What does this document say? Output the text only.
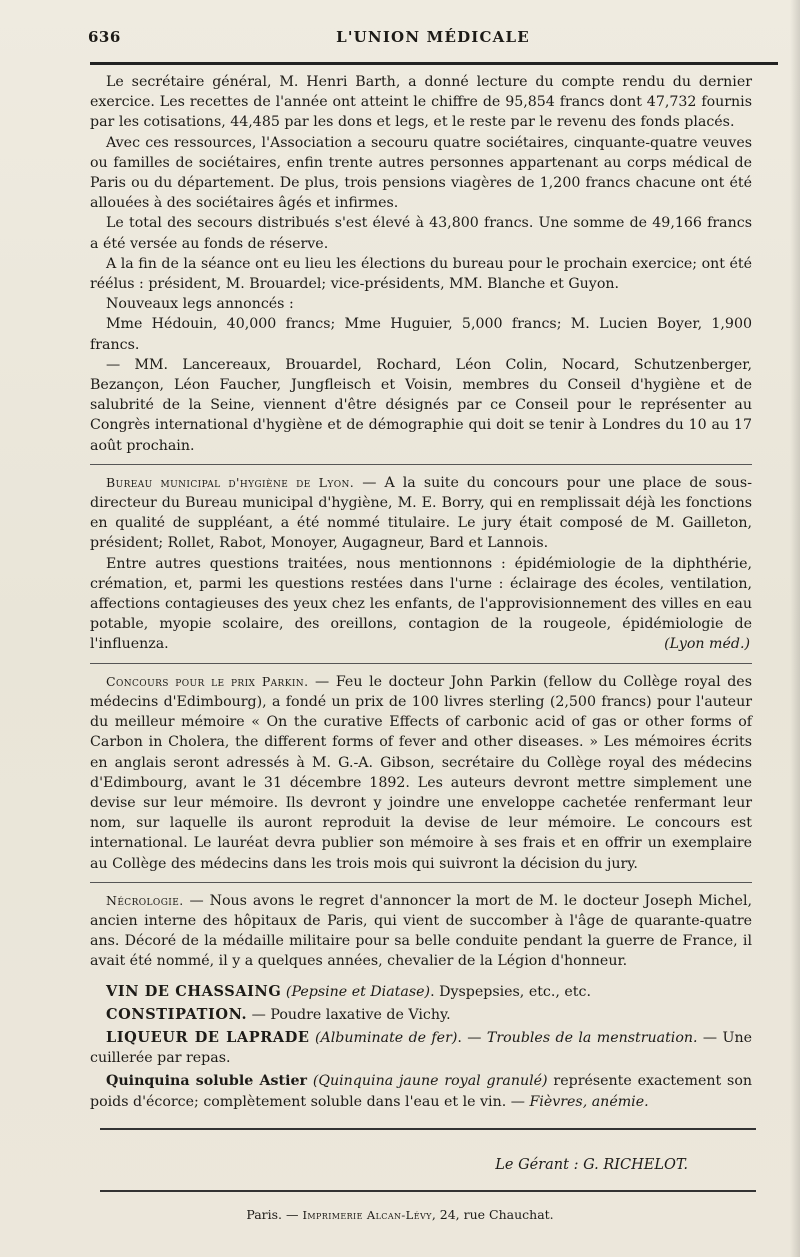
636	L'UNION MÉDICALE

Le secrétaire général, M. Henri Barth, a donné lecture du compte rendu du dernier exercice. Les recettes de l'année ont atteint le chiffre de 95,854 francs dont 47,732 fournis par les cotisations, 44,485 par les dons et legs, et le reste par le revenu des fonds placés.

Avec ces ressources, l'Association a secouru quatre sociétaires, cinquante-quatre veuves ou familles de sociétaires, enfin trente autres personnes appartenant au corps médical de Paris ou du département. De plus, trois pensions viagères de 1,200 francs chacune ont été allouées à des sociétaires âgés et infirmes.

Le total des secours distribués s'est élevé à 43,800 francs. Une somme de 49,166 francs a été versée au fonds de réserve.

A la fin de la séance ont eu lieu les élections du bureau pour le prochain exercice; ont été réélus : président, M. Brouardel; vice-présidents, MM. Blanche et Guyon.

Nouveaux legs annoncés :

Mme Hédouin, 40,000 francs; Mme Huguier, 5,000 francs; M. Lucien Boyer, 1,900 francs.

— MM. Lancereaux, Brouardel, Rochard, Léon Colin, Nocard, Schutzenberger, Bezançon, Léon Faucher, Jungfleisch et Voisin, membres du Conseil d'hygiène et de salubrité de la Seine, viennent d'être désignés par ce Conseil pour le représenter au Congrès international d'hygiène et de démographie qui doit se tenir à Londres du 10 au 17 août prochain.

Bureau municipal d'hygiène de Lyon. — A la suite du concours pour une place de sous-directeur du Bureau municipal d'hygiène, M. E. Borry, qui en remplissait déjà les fonctions en qualité de suppléant, a été nommé titulaire. Le jury était composé de M. Gailleton, président; Rollet, Rabot, Monoyer, Augagneur, Bard et Lannois.

Entre autres questions traitées, nous mentionnons : épidémiologie de la diphthérie, crémation, et, parmi les questions restées dans l'urne : éclairage des écoles, ventilation, affections contagieuses des yeux chez les enfants, de l'approvisionnement des villes en eau potable, myopie scolaire, des oreillons, contagion de la rougeole, épidémiologie de l'influenza.	(Lyon méd.)

Concours pour le prix Parkin. — Feu le docteur John Parkin (fellow du Collège royal des médecins d'Edimbourg), a fondé un prix de 100 livres sterling (2,500 francs) pour l'auteur du meilleur mémoire « On the curative Effects of carbonic acid of gas or other forms of Carbon in Cholera, the different forms of fever and other diseases. » Les mémoires écrits en anglais seront adressés à M. G.-A. Gibson, secrétaire du Collège royal des médecins d'Edimbourg, avant le 31 décembre 1892. Les auteurs devront mettre simplement une devise sur leur mémoire. Ils devront y joindre une enveloppe cachetée renfermant leur nom, sur laquelle ils auront reproduit la devise de leur mémoire. Le concours est international. Le lauréat devra publier son mémoire à ses frais et en offrir un exemplaire au Collège des médecins dans les trois mois qui suivront la décision du jury.

Nécrologie. — Nous avons le regret d'annoncer la mort de M. le docteur Joseph Michel, ancien interne des hôpitaux de Paris, qui vient de succomber à l'âge de quarante-quatre ans. Décoré de la médaille militaire pour sa belle conduite pendant la guerre de France, il avait été nommé, il y a quelques années, chevalier de la Légion d'honneur.

VIN DE CHASSAING (Pepsine et Diatase). Dyspepsies, etc., etc.

CONSTIPATION. — Poudre laxative de Vichy.

LIQUEUR DE LAPRADE (Albuminate de fer). — Troubles de la menstruation. — Une cuillerée par repas.

Quinquina soluble Astier (Quinquina jaune royal granulé) représente exactement son poids d'écorce; complètement soluble dans l'eau et le vin. — Fièvres, anémie.

Le Gérant : G. RICHELOT.
Paris. — Imprimerie Alcan-Lévy, 24, rue Chauchat.
